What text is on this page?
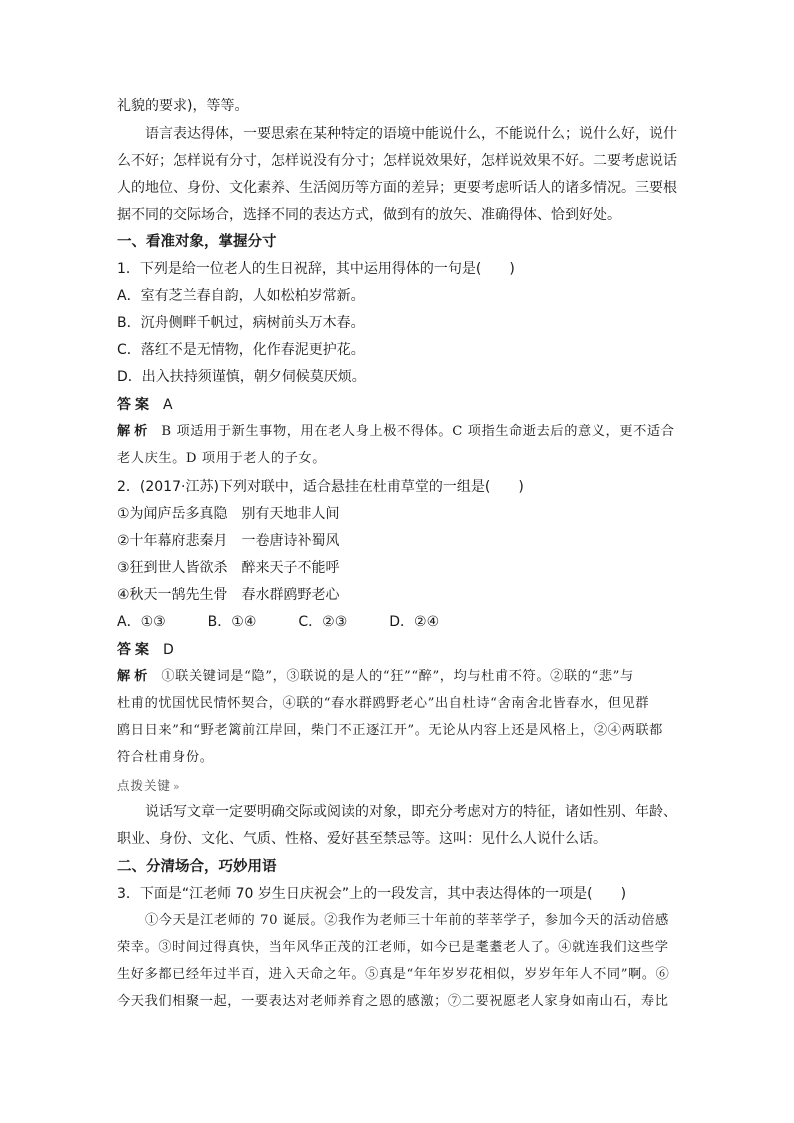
礼貌的要求)，等等。
语言表达得体，一要思索在某种特定的语境中能说什么，不能说什么；说什么好，说什
么不好；怎样说有分寸，怎样说没有分寸；怎样说效果好，怎样说效果不好。二要考虑说话
人的地位、身份、文化素养、生活阅历等方面的差异；更要考虑听话人的诸多情况。三要根
据不同的交际场合，选择不同的表达方式，做到有的放矢、准确得体、恰到好处。
一、看准对象，掌握分寸
1．下列是给一位老人的生日祝辞，其中运用得体的一句是(　　)
A．室有芝兰春自韵，人如松柏岁常新。
B．沉舟侧畔千帆过，病树前头万木春。
C．落红不是无情物，化作春泥更护花。
D．出入扶持须谨慎，朝夕伺候莫厌烦。
答案 A
解析 B 项适用于新生事物，用在老人身上极不得体。C 项指生命逝去后的意义，更不适合
老人庆生。D 项用于老人的子女。
2．(2017·江苏)下列对联中，适合悬挂在杜甫草堂的一组是(　　)
①为闻庐岳多真隐　别有天地非人间
②十年幕府悲秦月　一卷唐诗补蜀风
③狂到世人皆欲杀　醉来天子不能呼
④秋天一鹄先生骨　春水群鸥野老心
A．①③　　　B．①④　　　C．②③　　　D．②④
答案 D
解析 ①联关键词是“隐”，③联说的是人的“狂”“醉”，均与杜甫不符。②联的“悲”与
杜甫的忧国忧民情怀契合，④联的“春水群鸥野老心”出自杜诗“舍南舍北皆春水，但见群
鸥日日来”和“野老篱前江岸回，柴门不正逐江开”。无论从内容上还是风格上，②④两联都
符合杜甫身份。
点拨关键 »
说话写文章一定要明确交际或阅读的对象，即充分考虑对方的特征，诸如性别、年龄、
职业、身份、文化、气质、性格、爱好甚至禁忌等。这叫：见什么人说什么话。
二、分清场合，巧妙用语
3．下面是“江老师 70 岁生日庆祝会”上的一段发言，其中表达得体的一项是(　　)
①今天是江老师的 70 诞辰。②我作为老师三十年前的莘莘学子，参加今天的活动倍感
荣幸。③时间过得真快，当年风华正茂的江老师，如今已是耄耋老人了。④就连我们这些学
生好多都已经年过半百，进入天命之年。⑤真是“年年岁岁花相似，岁岁年年人不同”啊。⑥
今天我们相聚一起，一要表达对老师养育之恩的感激；⑦二要祝愿老人家身如南山石，寿比
